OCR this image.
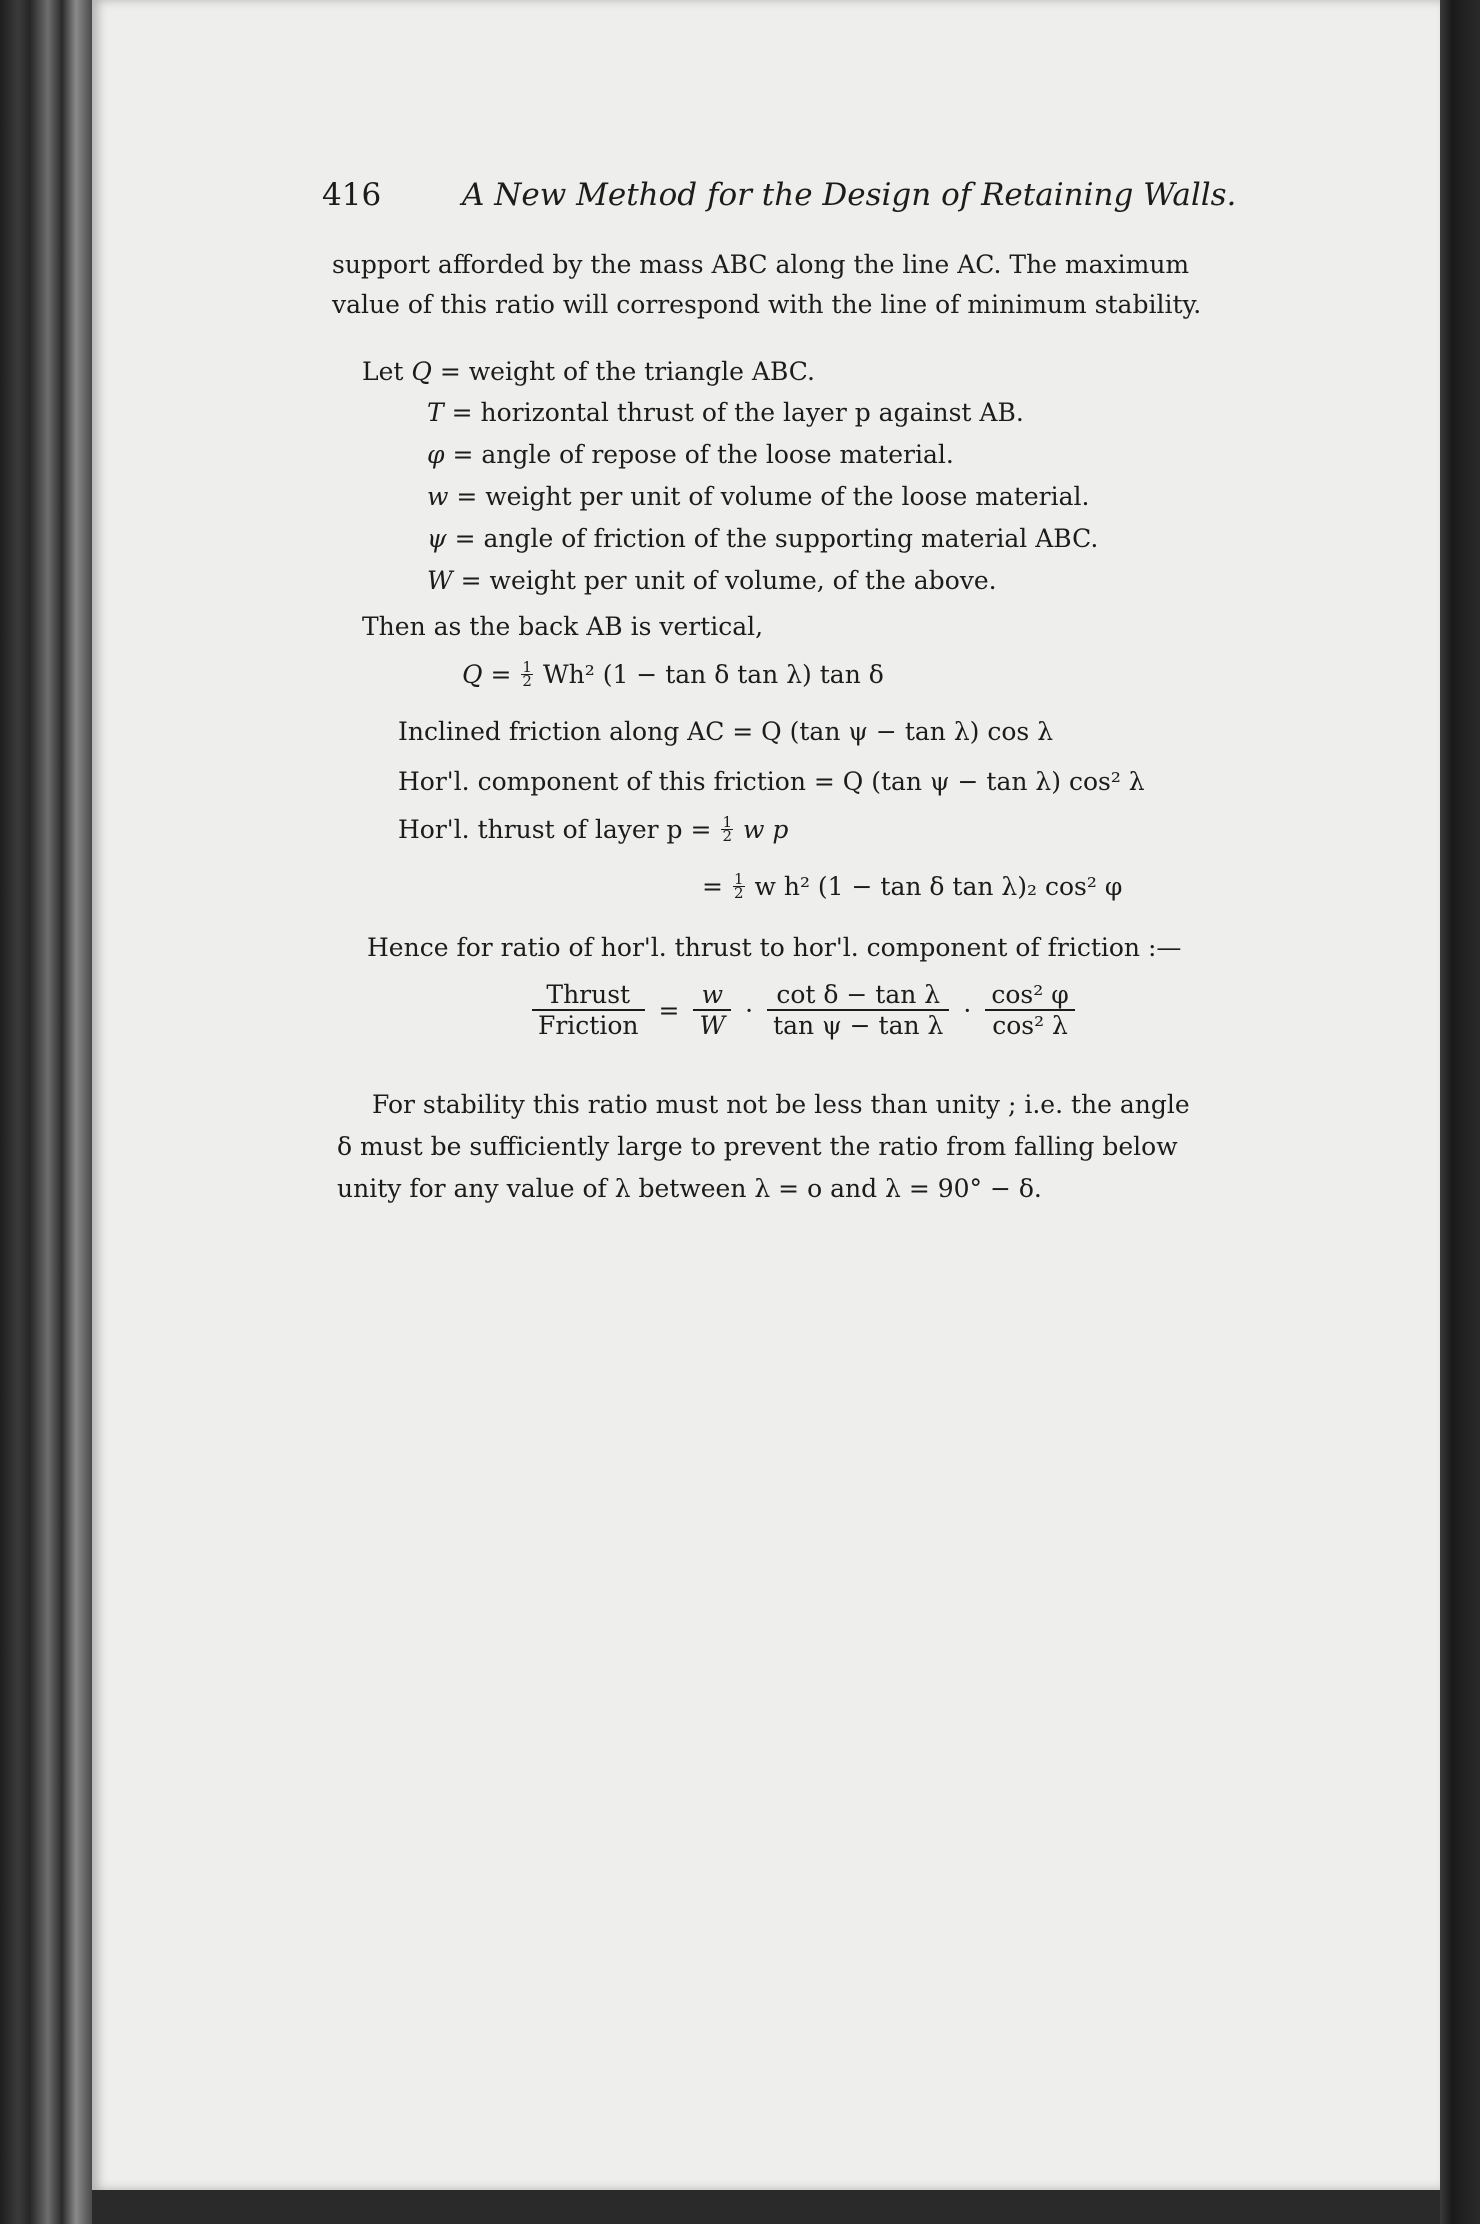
416	A New Method for the Design of Retaining Walls.
support afforded by the mass ABC along the line AC. The maximum
value of this ratio will correspond with the line of minimum stability.
Let Q = weight of the triangle ABC.
T = horizontal thrust of the layer p against AB.
φ = angle of repose of the loose material.
w = weight per unit of volume of the loose material.
ψ = angle of friction of the supporting material ABC.
W = weight per unit of volume, of the above.
Then as the back AB is vertical,
$Q = \frac{1}{2} Wh^2$ (1 − tan δ tan λ) tan δ
Inclined friction along AC = Q (tan ψ − tan λ) cos λ
Hor'l. component of this friction = Q (tan ψ − tan λ) cos² λ
Hor'l. thrust of layer $p = \frac{1}{2}$ w p
= $\frac{1}{2}$ w h² (1 − tan δ tan λ)₂ cos² φ
Hence for ratio of hor'l. thrust to hor'l. component of friction :—
$\frac{\text{Thrust}}{\text{Friction}} = \frac{w}{W} \cdot \frac{\text{cot δ − tan λ}}{\text{tan ψ − tan λ}} \cdot \frac{\text{cos² φ}}{\text{cos² λ}}$
For stability this ratio must not be less than unity ; i.e. the angle
δ must be sufficiently large to prevent the ratio from falling below
unity for any value of λ between λ = o and λ = 90° − δ.
